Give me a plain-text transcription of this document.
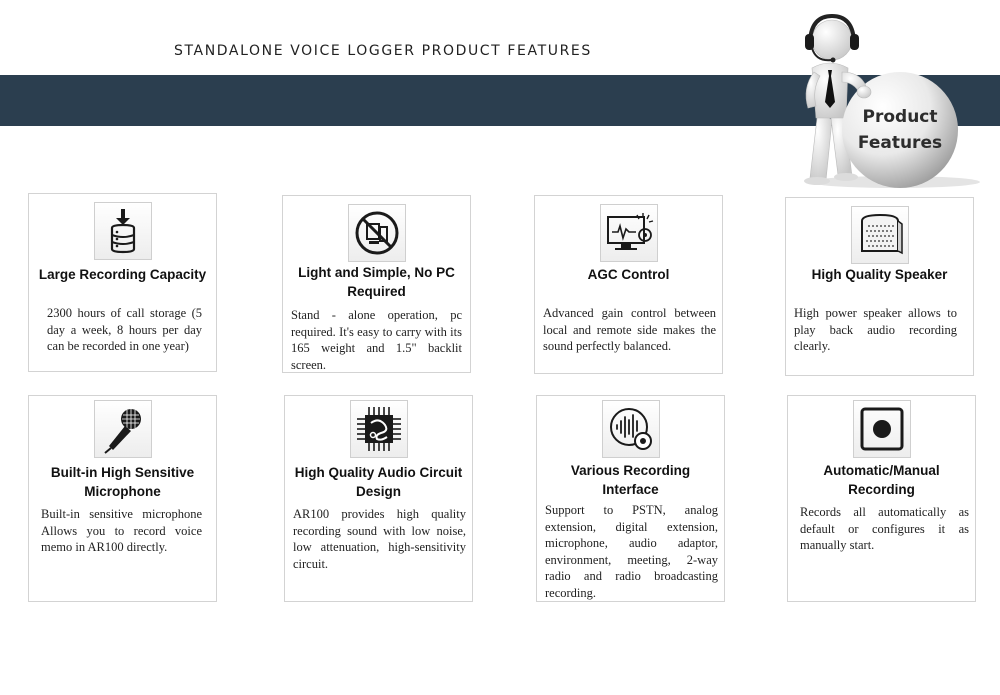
STANDALONE VOICE LOGGER PRODUCT FEATURES
Product
Features
Large Recording Capacity

2300 hours of call storage (5 day a week, 8 hours per day can be recorded in one year)

Light and Simple, No PC Required

Stand - alone operation, pc required. It's easy to carry with its 165 weight and 1.5" backlit screen.

AGC Control

Advanced gain control between local and remote side makes the sound perfectly balanced.

High Quality Speaker

High power speaker allows to play back audio recording clearly.

Built-in High Sensitive Microphone

Built-in sensitive microphone Allows you to record voice memo in AR100 directly.

High Quality Audio Circuit Design

AR100 provides high quality recording sound with low noise, low attenuation, high-sensitivity circuit.

Various Recording Interface

Support to PSTN, analog extension, digital extension, microphone, audio adaptor, environment, meeting, 2-way radio and radio broadcasting recording.

Automatic/Manual Recording

Records all automatically as default or configures it as manually start.
